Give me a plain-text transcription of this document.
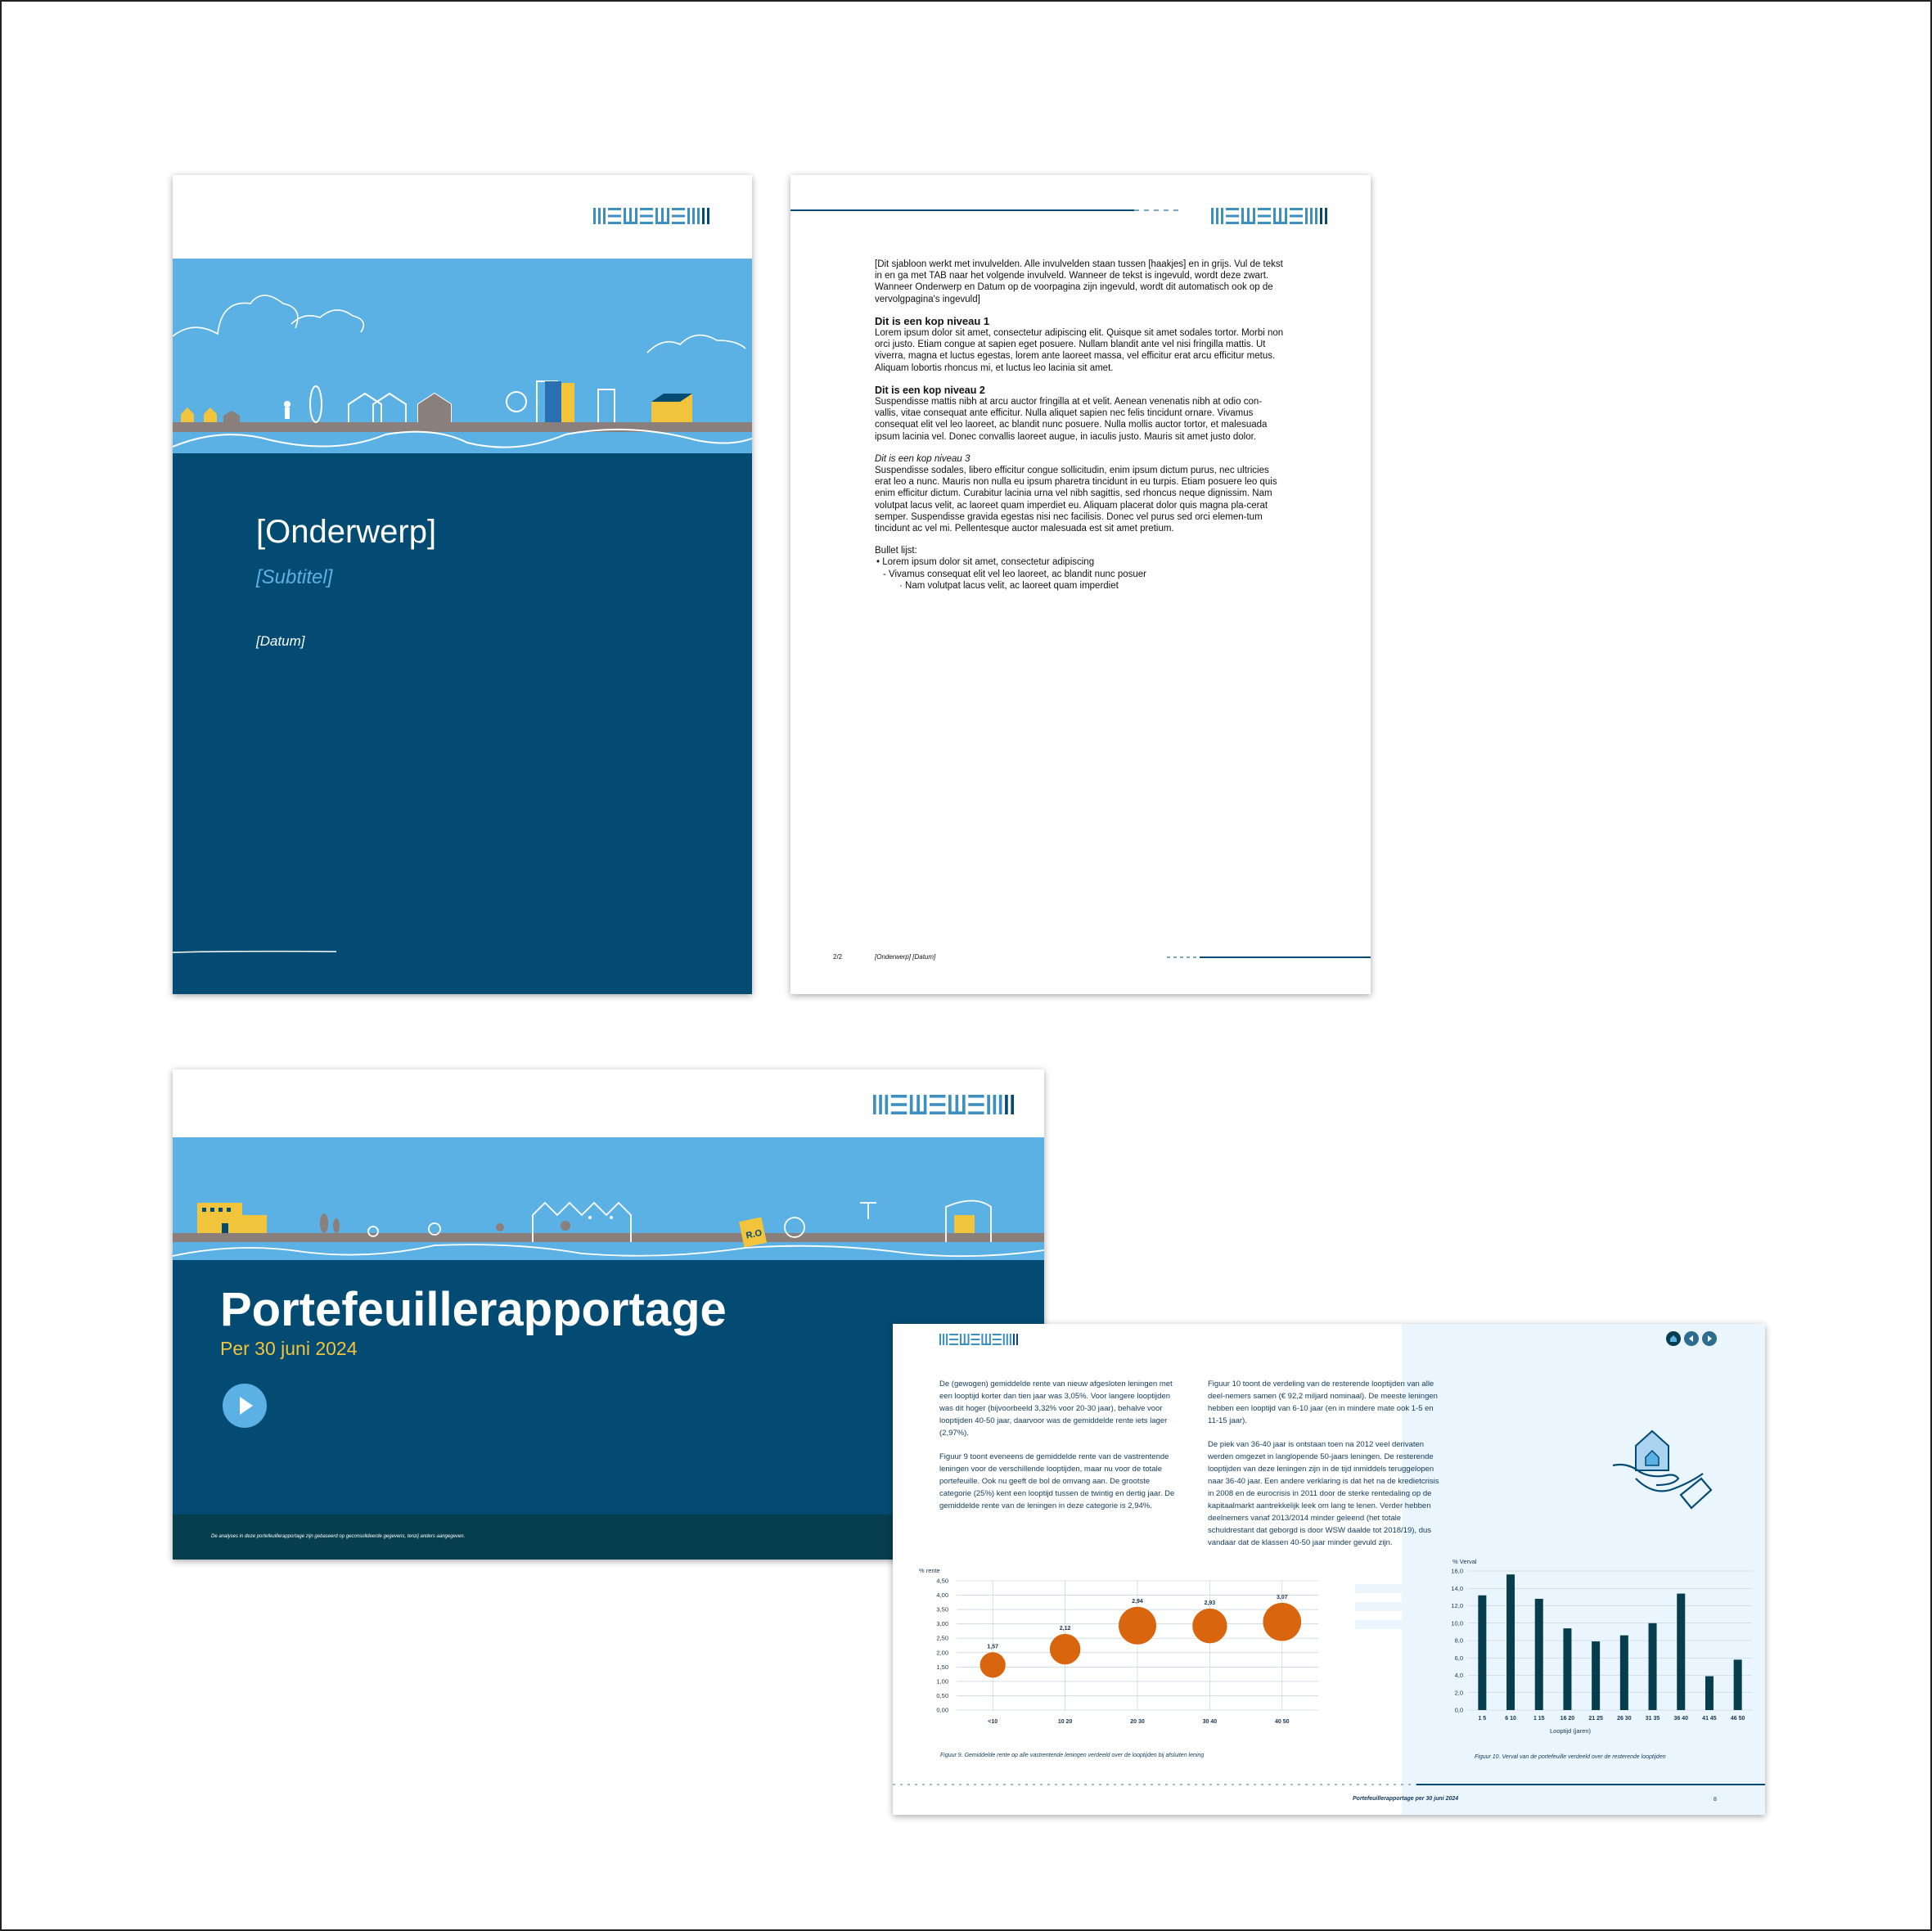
[Onderwerp]
[Subtitel]
[Datum]

[Dit sjabloon werkt met invulvelden. Alle invulvelden staan tussen [haakjes] en in grijs. Vul de tekst in en ga met TAB naar het volgende invulveld. Wanneer de tekst is ingevuld, wordt deze zwart. Wanneer Onderwerp en Datum op de voorpagina zijn ingevuld, wordt dit automatisch ook op de vervolgpagina's ingevuld]

Dit is een kop niveau 1

Lorem ipsum dolor sit amet, consectetur adipiscing elit. Quisque sit amet sodales tortor. Morbi non orci justo. Etiam congue at sapien eget posuere. Nullam blandit ante vel nisi fringilla mattis. Ut viverra, magna et luctus egestas, lorem ante laoreet massa, vel efficitur erat arcu efficitur metus. Aliquam lobortis rhoncus mi, et luctus leo lacinia sit amet.

Dit is een kop niveau 2

Suspendisse mattis nibh at arcu auctor fringilla at et velit. Aenean venenatis nibh at odio con-vallis, vitae consequat ante efficitur. Nulla aliquet sapien nec felis tincidunt ornare. Vivamus consequat elit vel leo laoreet, ac blandit nunc posuere. Nulla mollis auctor tortor, et malesuada ipsum lacinia vel. Donec convallis laoreet augue, in iaculis justo. Mauris sit amet justo dolor.

Dit is een kop niveau 3

Suspendisse sodales, libero efficitur congue sollicitudin, enim ipsum dictum purus, nec ultricies erat leo a nunc. Mauris non nulla eu ipsum pharetra tincidunt in eu turpis. Etiam posuere leo quis enim efficitur dictum. Curabitur lacinia urna vel nibh sagittis, sed rhoncus neque dignissim. Nam volutpat lacus velit, ac laoreet quam imperdiet eu. Aliquam placerat dolor quis magna pla-cerat semper. Suspendisse gravida egestas nisi nec facilisis. Donec vel purus sed orci elemen-tum tincidunt ac vel mi. Pellentesque auctor malesuada est sit amet pretium.

Bullet lijst:
• Lorem ipsum dolor sit amet, consectetur adipiscing
- Vivamus consequat elit vel leo laoreet, ac blandit nunc posuer
· Nam volutpat lacus velit, ac laoreet quam imperdiet
2/2	[Onderwerp] [Datum]
R.O
Portefeuillerapportage
Per 30 juni 2024
De analyses in deze portefeuillerapportage zijn gebaseerd op geconsolideerde gegevens, tenzij anders aangegeven.

De (gewogen) gemiddelde rente van nieuw afgesloten leningen met een looptijd korter dan tien jaar was 3,05%. Voor langere looptijden was dit hoger (bijvoorbeeld 3,32% voor 20-30 jaar), behalve voor looptijden 40-50 jaar, daarvoor was de gemiddelde rente iets lager (2,97%).

Figuur 9 toont eveneens de gemiddelde rente van de vastrentende leningen voor de verschillende looptijden, maar nu voor de totale portefeuille. Ook nu geeft de bol de omvang aan. De grootste categorie (25%) kent een looptijd tussen de twintig en dertig jaar. De gemiddelde rente van de leningen in deze categorie is 2,94%.

Figuur 10 toont de verdeling van de resterende looptijden van alle deel-nemers samen (€ 92,2 miljard nominaal). De meeste leningen hebben een looptijd van 6-10 jaar (en in mindere mate ook 1-5 en 11-15 jaar).

De piek van 36-40 jaar is ontstaan toen na 2012 veel derivaten werden omgezet in langlopende 50-jaars leningen. De resterende looptijden van deze leningen zijn in de tijd inmiddels teruggelopen naar 36-40 jaar. Een andere verklaring is dat het na de kredietcrisis in 2008 en de eurocrisis in 2011 door de sterke rentedaling op de kapitaalmarkt aantrekkelijk leek om lang te lenen. Verder hebben deelnemers vanaf 2013/2014 minder geleend (het totale schuldrestant dat geborgd is door WSW daalde tot 2018/19), dus vandaar dat de klassen 40-50 jaar minder gevuld zijn.

% rente
4,50
4,00
3,50
3,00
2,50
2,00
1,50
1,00
0,50
0,00
<10	10 20	20 30	30 40	40 50
1,57
2,12
2,94	2,93
3,07
Figuur 9. Gemiddelde rente op alle vastrentende leningen verdeeld over de looptijden bij afsluiten lening
% Verval
16,0
14,0
12,0
10,0
8,0
6,0
4,0
2,0
0,0
1 5	6 10	1 15	16 20 21 25 26 30 31 35 36 40 41 45 46 50
Looptijd (jaren)
Figuur 10. Verval van de portefeuille verdeeld over de resterende looptijden
Portefeuillerapportage per 30 juni 2024	8
